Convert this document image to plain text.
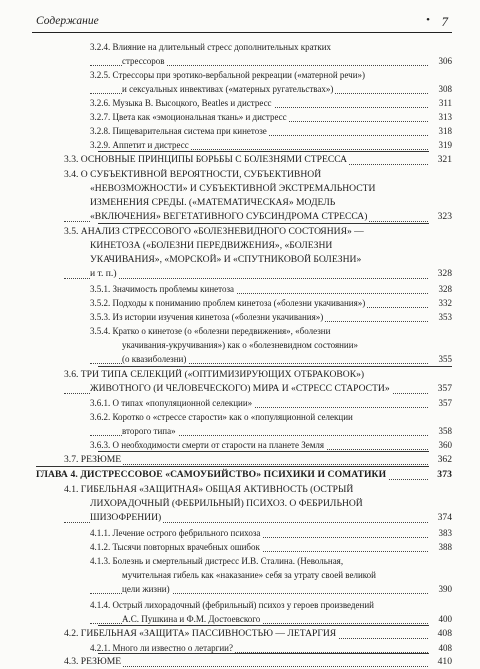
Содержание	• 7
3.2.4. Влияние на длительный стресс дополнительных кратких
стрессоров	306
3.2.5. Стрессоры при эротико-вербальной рекреации («матерной речи»)
и сексуальных инвективах («матерных ругательствах»)	308
3.2.6. Музыка В. Высоцкого, Beatles и дистресс	311
3.2.7. Цвета как «эмоциональная ткань» и дистресс	313
3.2.8. Пищеварительная система при кинетозе	318
3.2.9. Аппетит и дистресс	319
3.3. ОСНОВНЫЕ ПРИНЦИПЫ БОРЬБЫ С БОЛЕЗНЯМИ СТРЕССА	321
3.4. О СУБЪЕКТИВНОЙ ВЕРОЯТНОСТИ, СУБЪЕКТИВНОЙ
«НЕВОЗМОЖНОСТИ» И СУБЪЕКТИВНОЙ ЭКСТРЕМАЛЬНОСТИ
ИЗМЕНЕНИЯ СРЕДЫ. («МАТЕМАТИЧЕСКАЯ» МОДЕЛЬ
«ВКЛЮЧЕНИЯ» ВЕГЕТАТИВНОГО СУБСИНДРОМА СТРЕССА)	323
3.5. АНАЛИЗ СТРЕССОВОГО «БОЛЕЗНЕВИДНОГО СОСТОЯНИЯ» —
КИНЕТОЗА («БОЛЕЗНИ ПЕРЕДВИЖЕНИЯ», «БОЛЕЗНИ
УКАЧИВАНИЯ», «МОРСКОЙ» И «СПУТНИКОВОЙ БОЛЕЗНИ»
и т. п.)	328
3.5.1. Значимость проблемы кинетоза	328
3.5.2. Подходы к пониманию проблем кинетоза («болезни укачивания»)	332
3.5.3. Из истории изучения кинетоза («болезни укачивания»)	353
3.5.4. Кратко о кинетозе (о «болезни передвижения», «болезни
укачивания-укручивания») как о «болезневидном состоянии»
(о квазиболезни)	355
3.6. ТРИ ТИПА СЕЛЕКЦИЙ («ОПТИМИЗИРУЮЩИХ ОТБРАКОВОК»)
ЖИВОТНОГО (И ЧЕЛОВЕЧЕСКОГО) МИРА И «СТРЕСС СТАРОСТИ»	357
3.6.1. О типах «популяционной селекции»	357
3.6.2. Коротко о «стрессе старости» как о «популяционной селекции
второго типа»	358
3.6.3. О необходимости смерти от старости на планете Земля	360
3.7. РЕЗЮМЕ	362
ГЛАВА 4. ДИСТРЕССОВОЕ «САМОУБИЙСТВО» ПСИХИКИ И СОМАТИКИ	373
4.1. ГИБЕЛЬНАЯ «ЗАЩИТНАЯ» ОБЩАЯ АКТИВНОСТЬ (ОСТРЫЙ
ЛИХОРАДОЧНЫЙ (ФЕБРИЛЬНЫЙ) ПСИХОЗ. О ФЕБРИЛЬНОЙ
ШИЗОФРЕНИИ)	374
4.1.1. Лечение острого фебрильного психоза	383
4.1.2. Тысячи повторных врачебных ошибок	388
4.1.3. Болезнь и смертельный дистресс И.В. Сталина. (Невольная,
мучительная гибель как «наказание» себя за утрату своей великой
цели жизни)	390
4.1.4. Острый лихорадочный (фебрильный) психоз у героев произведений
А.С. Пушкина и Ф.М. Достоевского	400
4.2. ГИБЕЛЬНАЯ «ЗАЩИТА» ПАССИВНОСТЬЮ — ЛЕТАРГИЯ	408
4.2.1. Много ли известно о летаргии?	408
4.3. РЕЗЮМЕ	410
